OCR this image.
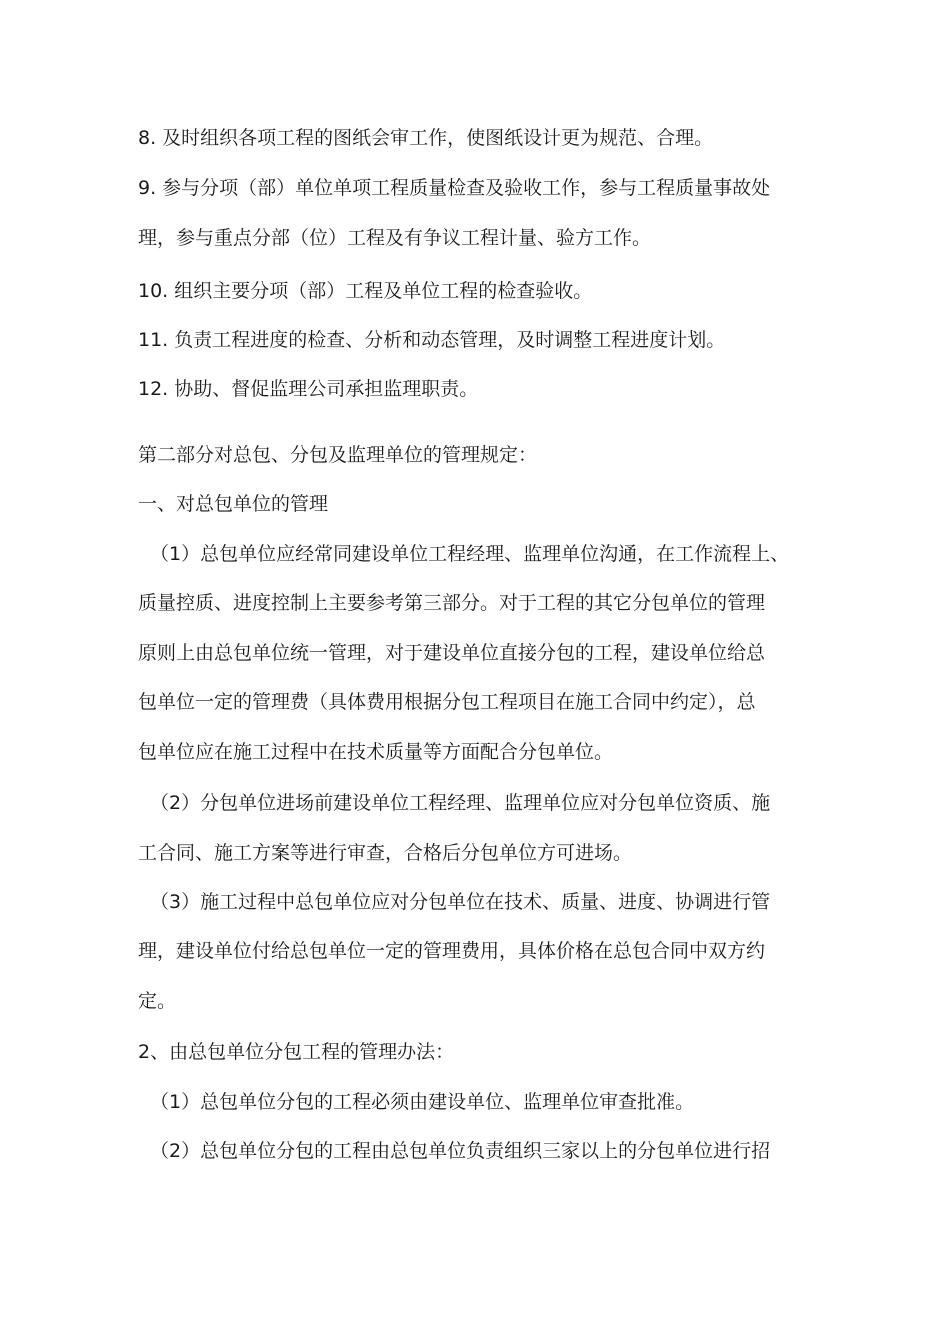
8. 及时组织各项工程的图纸会审工作，使图纸设计更为规范、合理。
9. 参与分项（部）单位单项工程质量检查及验收工作，参与工程质量事故处
理，参与重点分部（位）工程及有争议工程计量、验方工作。
10. 组织主要分项（部）工程及单位工程的检查验收。
11. 负责工程进度的检查、分析和动态管理，及时调整工程进度计划。
12. 协助、督促监理公司承担监理职责。
第二部分对总包、分包及监理单位的管理规定：
一、对总包单位的管理
（1）总包单位应经常同建设单位工程经理、监理单位沟通，在工作流程上、
质量控质、进度控制上主要参考第三部分。对于工程的其它分包单位的管理
原则上由总包单位统一管理，对于建设单位直接分包的工程，建设单位给总
包单位一定的管理费（具体费用根据分包工程项目在施工合同中约定），总
包单位应在施工过程中在技术质量等方面配合分包单位。
（2）分包单位进场前建设单位工程经理、监理单位应对分包单位资质、施
工合同、施工方案等进行审查，合格后分包单位方可进场。
（3）施工过程中总包单位应对分包单位在技术、质量、进度、协调进行管
理，建设单位付给总包单位一定的管理费用，具体价格在总包合同中双方约
定。
2、由总包单位分包工程的管理办法：
（1）总包单位分包的工程必须由建设单位、监理单位审查批准。
（2）总包单位分包的工程由总包单位负责组织三家以上的分包单位进行招
